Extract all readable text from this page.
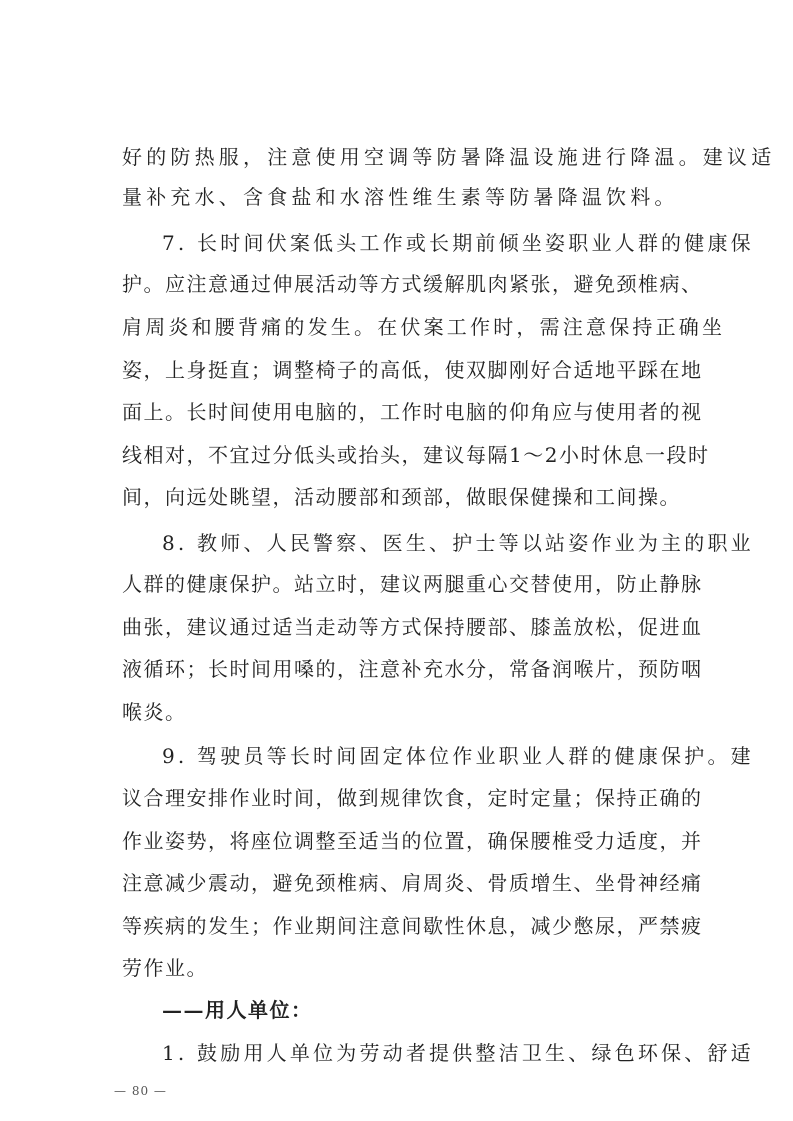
好的防热服，注意使用空调等防暑降温设施进行降温。建议适
量补充水、含食盐和水溶性维生素等防暑降温饮料。
7. 长时间伏案低头工作或长期前倾坐姿职业人群的健康保
护。应注意通过伸展活动等方式缓解肌肉紧张，避免颈椎病、
肩周炎和腰背痛的发生。在伏案工作时，需注意保持正确坐
姿，上身挺直；调整椅子的高低，使双脚刚好合适地平踩在地
面上。长时间使用电脑的，工作时电脑的仰角应与使用者的视
线相对，不宜过分低头或抬头，建议每隔1～2小时休息一段时
间，向远处眺望，活动腰部和颈部，做眼保健操和工间操。
8. 教师、人民警察、医生、护士等以站姿作业为主的职业
人群的健康保护。站立时，建议两腿重心交替使用，防止静脉
曲张，建议通过适当走动等方式保持腰部、膝盖放松，促进血
液循环；长时间用嗓的，注意补充水分，常备润喉片，预防咽
喉炎。
9. 驾驶员等长时间固定体位作业职业人群的健康保护。建
议合理安排作业时间，做到规律饮食，定时定量；保持正确的
作业姿势，将座位调整至适当的位置，确保腰椎受力适度，并
注意减少震动，避免颈椎病、肩周炎、骨质增生、坐骨神经痛
等疾病的发生；作业期间注意间歇性休息，减少憋尿，严禁疲
劳作业。
——用人单位：
1. 鼓励用人单位为劳动者提供整洁卫生、绿色环保、舒适
— 80 —
